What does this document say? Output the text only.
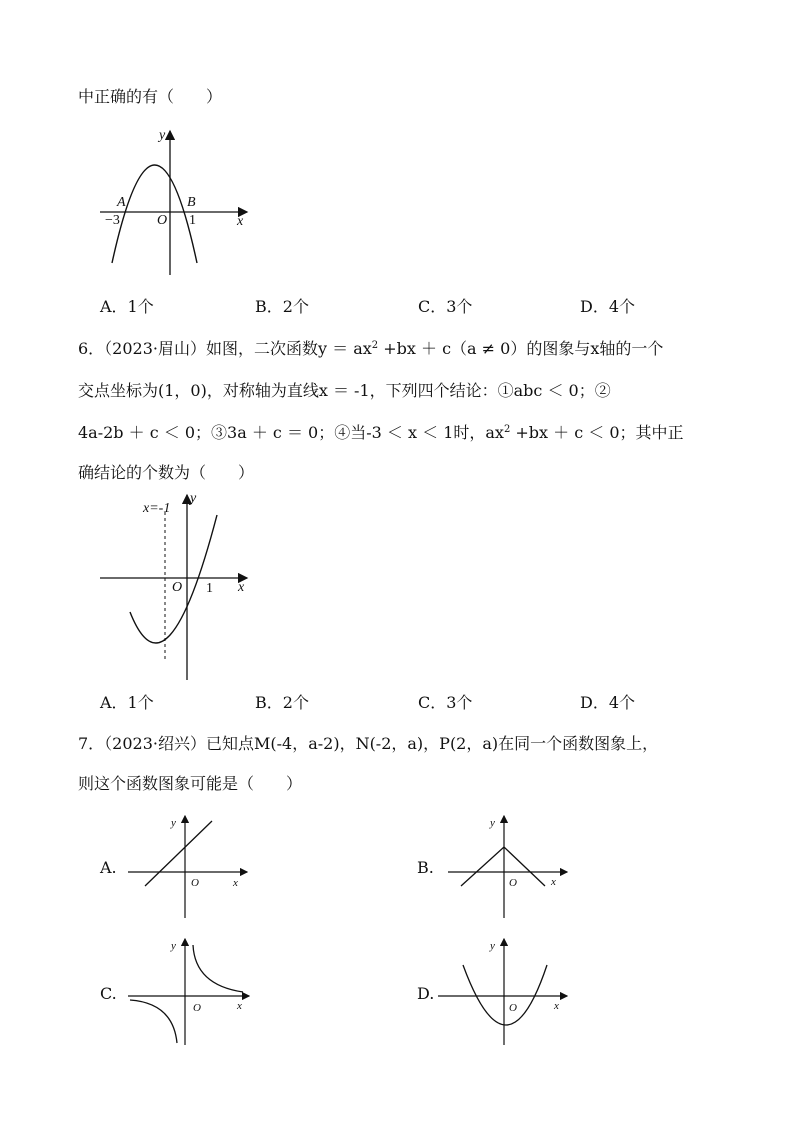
中正确的有（　　）
y
x
A	B
O
−3	1
A．1个	B．2个	C．3个	D．4个
6．（2023·眉山）如图，二次函数$y = ax^2 +bx + c(a \ne 0)$的图象与x轴的一个
交点坐标为(1，0)，对称轴为直线x ＝ -1，下列四个结论：①abc ＜ 0；②
4a-2b ＋ c ＜ 0；③3a ＋ c ＝ 0；④当-3 ＜ x ＜ 1时，$ax^2 +bx + c < 0$；其中正
确结论的个数为（　　）
x=-1
y
x
O 1
A．1个	B．2个	C．3个	D．4个
7．（2023·绍兴）已知点M(-4，a-2)，N(-2，a)，P(2，a)在同一个函数图象上，
则这个函数图象可能是（　　）
A.
y
x
O
B.
y
x
O
C.
y
x
O
D.
y
x
O
